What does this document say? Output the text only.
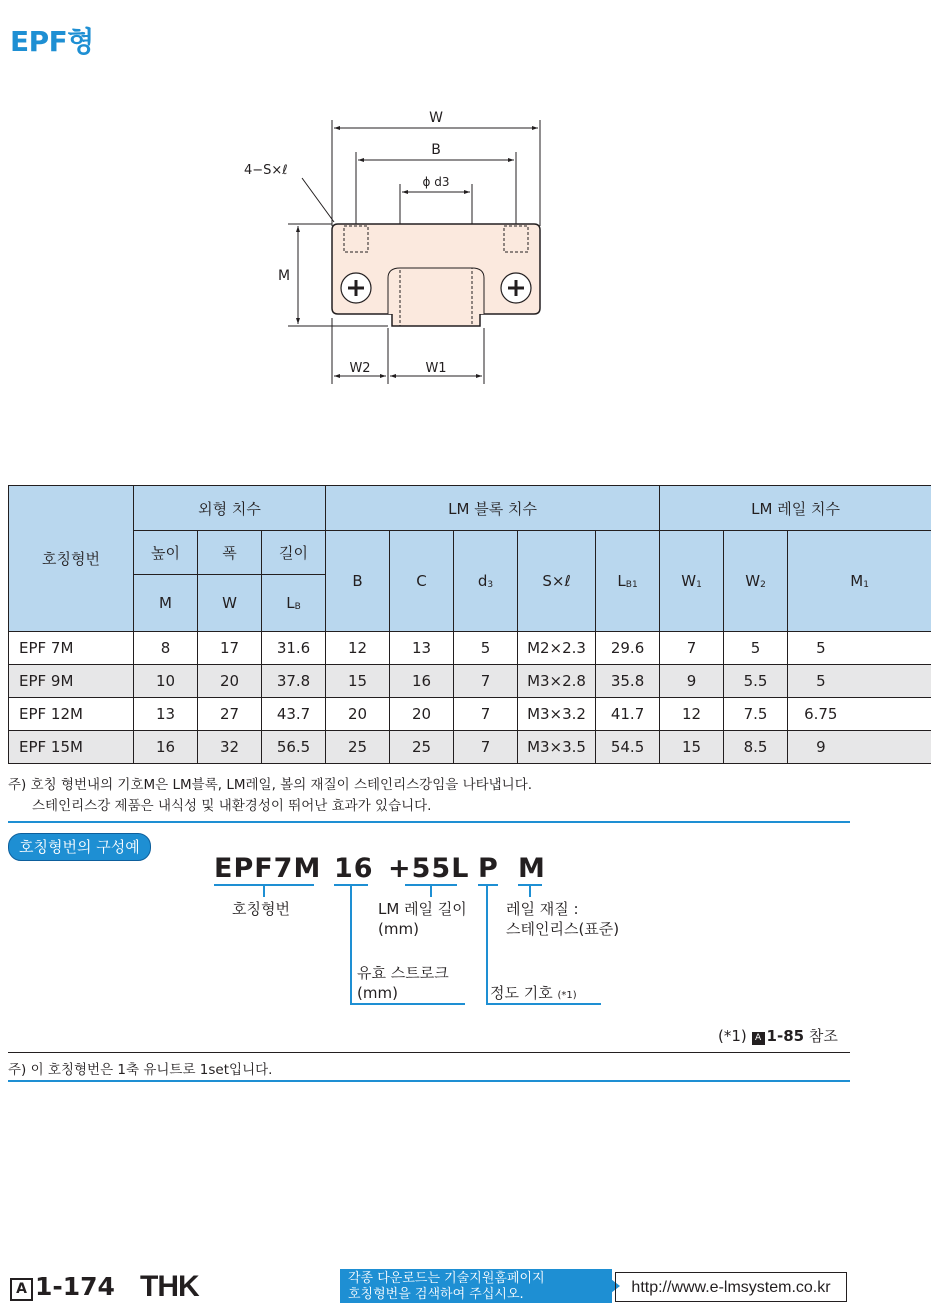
EPF형
W
B
ϕ d3
4−S×ℓ
M
W2	W1
호칭형번	외형 치수			LM 블록 치수					LM 레일 치수		
	높이	폭	길이	B	C	d3	S×ℓ	LB1	W1	W2	M1
	M	W	LB								
EPF 7M	8	17	31.6	12	13	5	M2×2.3	29.6	7	5	5
EPF 9M	10	20	37.8	15	16	7	M3×2.8	35.8	9	5.5	5
EPF 12M	13	27	43.7	20	20	7	M3×3.2	41.7	12	7.5	6.75
EPF 15M	16	32	56.5	25	25	7	M3×3.5	54.5	15	8.5	9
주) 호칭 형번내의 기호M은 LM블록, LM레일, 볼의 재질이 스테인리스강임을 나타냅니다.
스테인리스강 제품은 내식성 및 내환경성이 뛰어난 효과가 있습니다.
호칭형번의 구성예
EPF7M 16 +55L P M
호칭형번	LM 레일 길이
(mm)
레일 재질 :
스테인리스(표준)
유효 스트로크
(mm)	정도 기호 (*1)
(*1) A 1-85 참조
주) 이 호칭형번은 1축 유니트로 1set입니다.
A 1-174 THK	각종 다운로드는 기술지원홈페이지
호칭형번을 검색하여 주십시오.	http://www.e-lmsystem.co.kr
